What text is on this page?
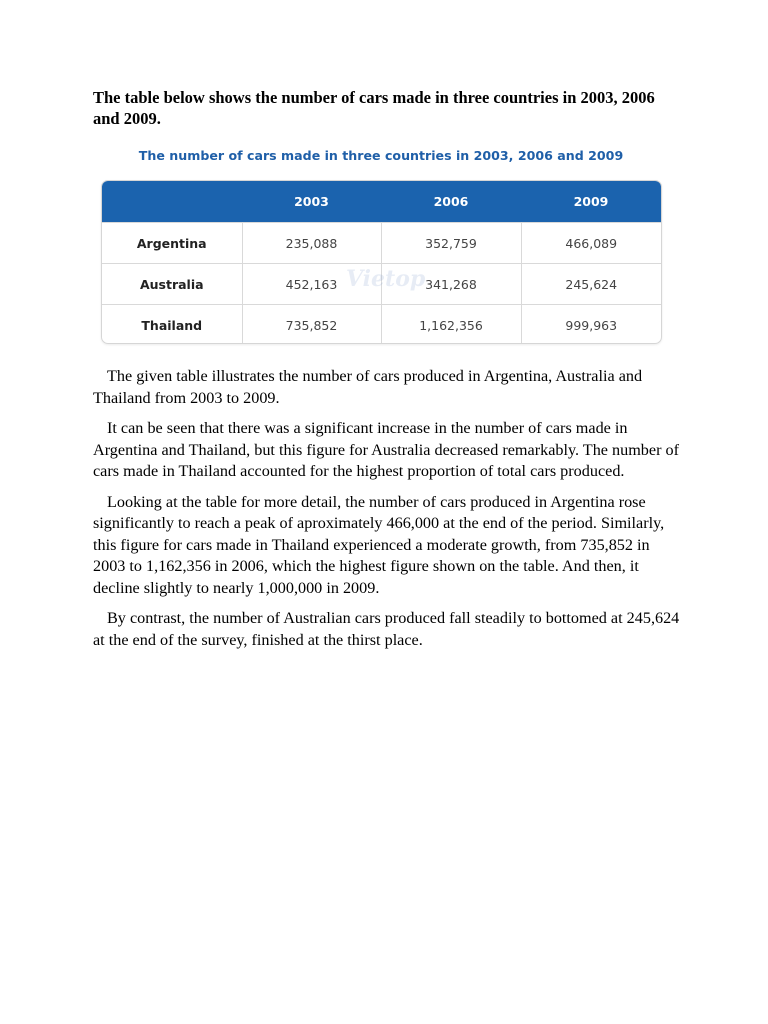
The table below shows the number of cars made in three countries in 2003, 2006 and 2009.

The number of cars made in three countries in 2003, 2006 and 2009
	2003	2006	2009
Argentina	235,088	352,759	466,089
Australia	452,163	341,268	245,624
Thailand	735,852	1,162,356	999,963
Vietop

The given table illustrates the number of cars produced in Argentina, Australia and Thailand from 2003 to 2009.

It can be seen that there was a significant increase in the number of cars made in Argentina and Thailand, but this figure for Australia decreased remarkably. The number of cars made in Thailand accounted for the highest proportion of total cars produced.

Looking at the table for more detail, the number of cars produced in Argentina rose significantly to reach a peak of aproximately 466,000 at the end of the period. Similarly, this figure for cars made in Thailand experienced a moderate growth, from 735,852 in 2003 to 1,162,356 in 2006, which the highest figure shown on the table. And then, it decline slightly to nearly 1,000,000 in 2009.

By contrast, the number of Australian cars produced fall steadily to bottomed at 245,624 at the end of the survey, finished at the thirst place.
